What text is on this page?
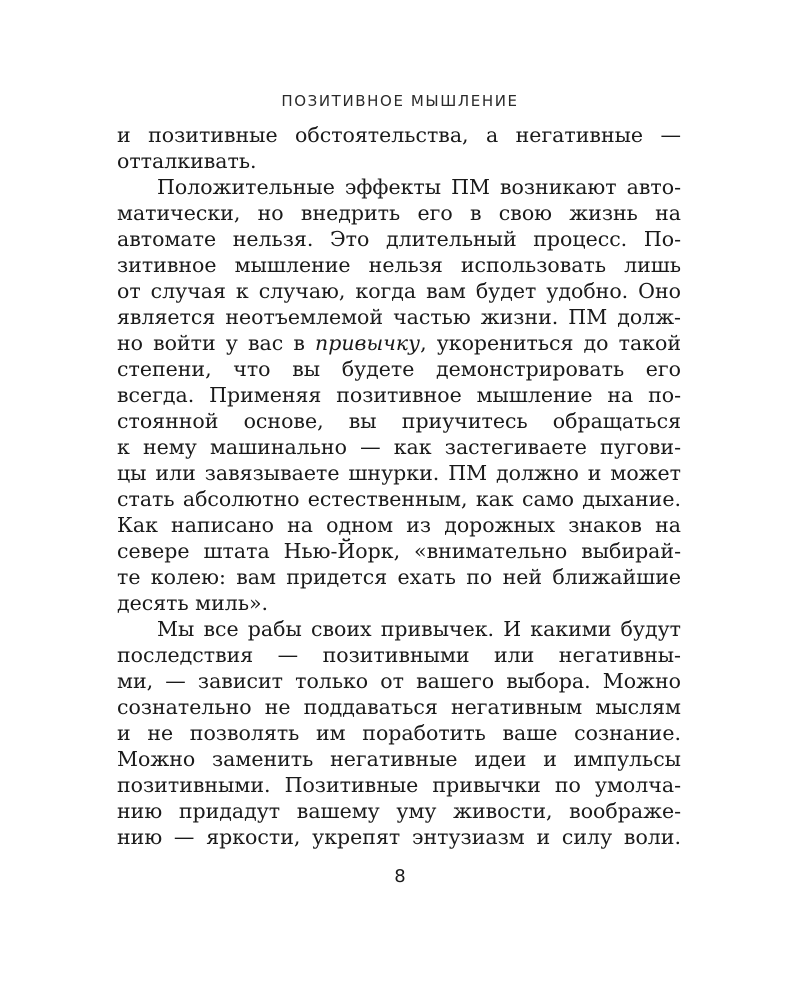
ПОЗИТИВНОЕ МЫШЛЕНИЕ
и позитивные обстоятельства, а негативные —
отталкивать.
Положительные эффекты ПМ возникают авто-
матически, но внедрить его в свою жизнь на
автомате нельзя. Это длительный процесс. По-
зитивное мышление нельзя использовать лишь
от случая к случаю, когда вам будет удобно. Оно
является неотъемлемой частью жизни. ПМ долж-
но войти у вас в привычку, укорениться до такой
степени, что вы будете демонстрировать его
всегда. Применяя позитивное мышление на по-
стоянной основе, вы приучитесь обращаться
к нему машинально — как застегиваете пугови-
цы или завязываете шнурки. ПМ должно и может
стать абсолютно естественным, как само дыхание.
Как написано на одном из дорожных знаков на
севере штата Нью-Йорк, «внимательно выбирай-
те колею: вам придется ехать по ней ближайшие
десять миль».
Мы все рабы своих привычек. И какими будут
последствия — позитивными или негативны-
ми, — зависит только от вашего выбора. Можно
сознательно не поддаваться негативным мыслям
и не позволять им поработить ваше сознание.
Можно заменить негативные идеи и импульсы
позитивными. Позитивные привычки по умолча-
нию придадут вашему уму живости, воображе-
нию — яркости, укрепят энтузиазм и силу воли.
8
